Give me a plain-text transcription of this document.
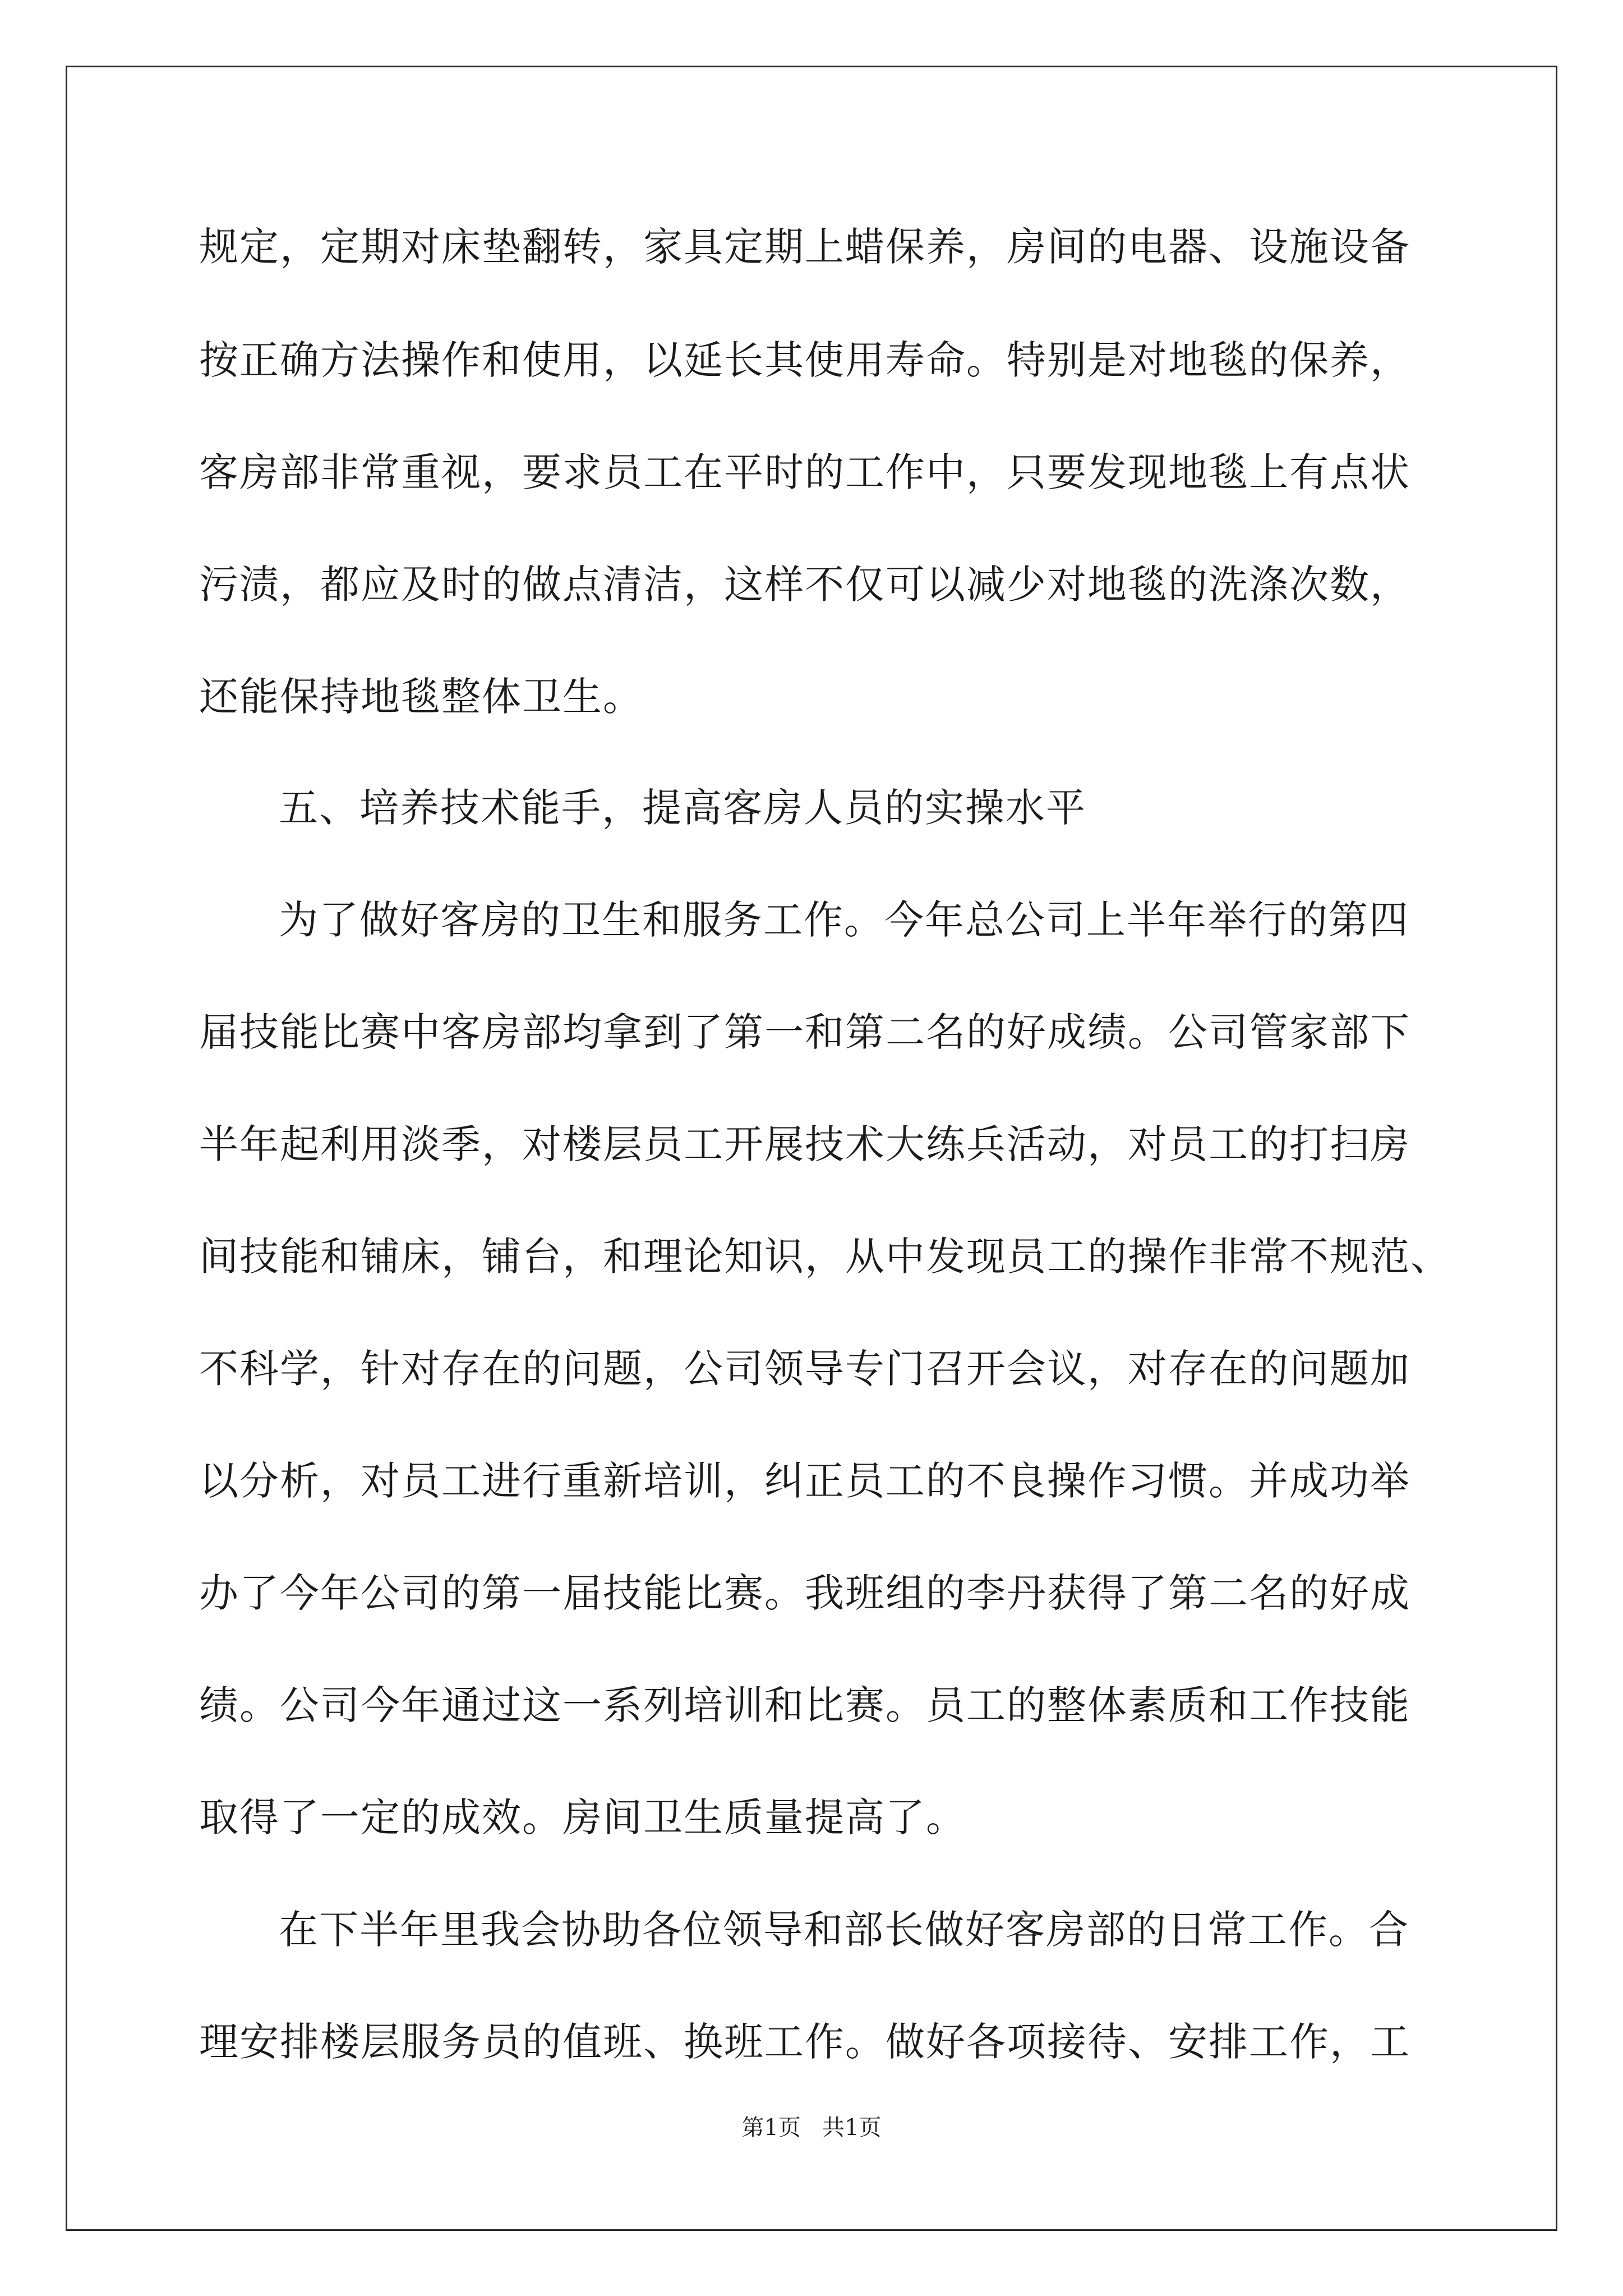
规定，定期对床垫翻转，家具定期上蜡保养，房间的电器、设施设备
按正确方法操作和使用，以延长其使用寿命。特别是对地毯的保养，
客房部非常重视，要求员工在平时的工作中，只要发现地毯上有点状
污渍，都应及时的做点清洁，这样不仅可以减少对地毯的洗涤次数，
还能保持地毯整体卫生。
五、培养技术能手，提高客房人员的实操水平
为了做好客房的卫生和服务工作。今年总公司上半年举行的第四
届技能比赛中客房部均拿到了第一和第二名的好成绩。公司管家部下
半年起利用淡季，对楼层员工开展技术大练兵活动，对员工的打扫房
间技能和铺床，铺台，和理论知识，从中发现员工的操作非常不规范、
不科学，针对存在的问题，公司领导专门召开会议，对存在的问题加
以分析，对员工进行重新培训，纠正员工的不良操作习惯。并成功举
办了今年公司的第一届技能比赛。我班组的李丹获得了第二名的好成
绩。公司今年通过这一系列培训和比赛。员工的整体素质和工作技能
取得了一定的成效。房间卫生质量提高了。
在下半年里我会协助各位领导和部长做好客房部的日常工作。合
理安排楼层服务员的值班、换班工作。做好各项接待、安排工作，工
第1页   共1页
